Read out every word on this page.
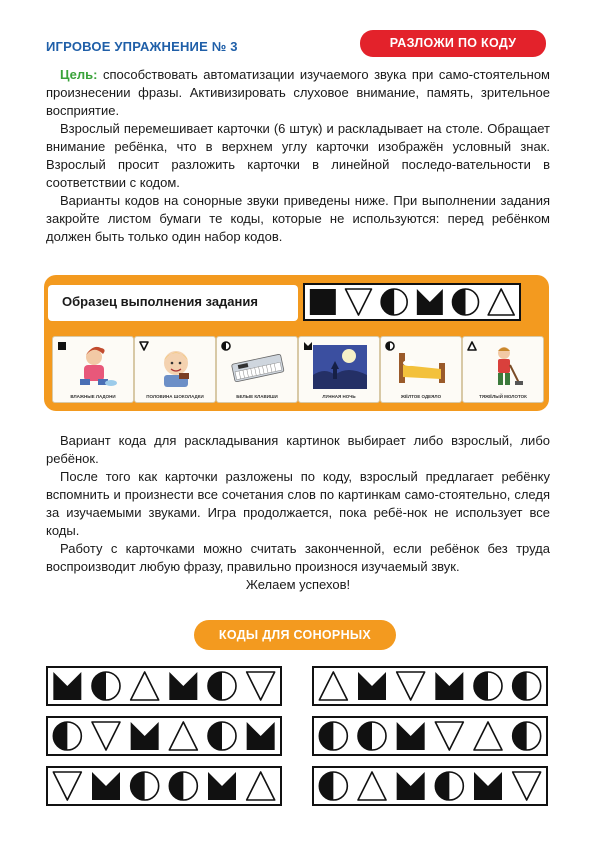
ИГРОВОЕ УПРАЖНЕНИЕ № 3	РАЗЛОЖИ ПО КОДУ

Цель: способствовать автоматизации изучаемого звука при само-стоятельном произнесении фразы. Активизировать слуховое внимание, память, зрительное восприятие.

Взрослый перемешивает карточки (6 штук) и раскладывает на столе. Обращает внимание ребёнка, что в верхнем углу карточки изображён условный знак. Взрослый просит разложить карточки в линейной последо-вательности в соответствии с кодом.

Варианты кодов на сонорные звуки приведены ниже. При выполнении задания закройте листом бумаги те коды, которые не используются: перед ребёнком должен быть только один набор кодов.

Образец выполнения задания
ВЛАЖНЫЕ ЛАДОНИ	ПОЛОВИНА ШОКОЛАДКИ	БЕЛЫЕ КЛАВИШИ	ЛУННАЯ НОЧЬ	ЖЁЛТОЕ ОДЕЯЛО	ТЯЖЁЛЫЙ МОЛОТОК

Вариант кода для раскладывания картинок выбирает либо взрослый, либо ребёнок.

После того как карточки разложены по коду, взрослый предлагает ребёнку вспомнить и произнести все сочетания слов по картинкам само-стоятельно, следя за изучаемыми звуками. Игра продолжается, пока ребё-нок не использует все коды.

Работу с карточками можно считать законченной, если ребёнок без труда воспроизводит любую фразу, правильно произнося изучаемый звук.

Желаем успехов!

КОДЫ ДЛЯ СОНОРНЫХ
